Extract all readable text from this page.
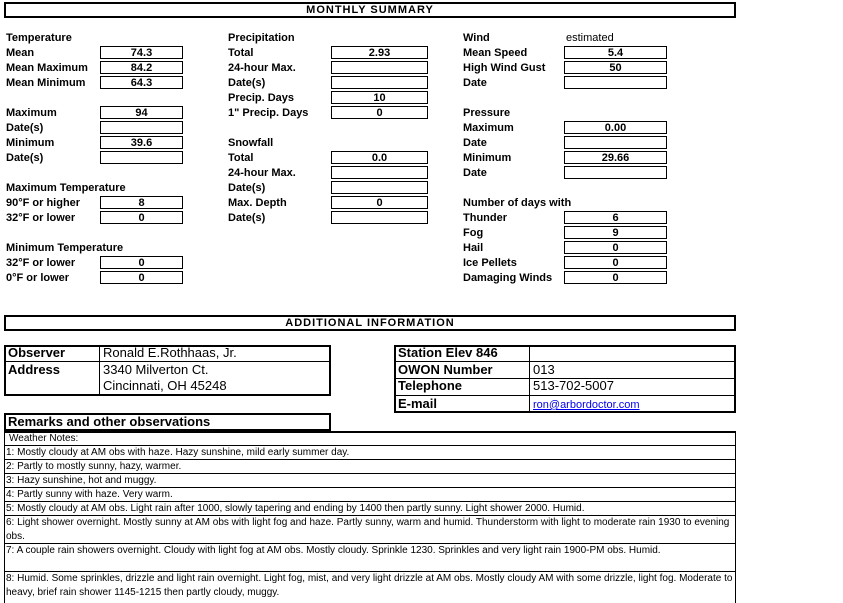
MONTHLY SUMMARY
Temperature
Mean	74.3
Mean Maximum	84.2
Mean Minimum	64.3
Maximum	94
Date(s)
Minimum	39.6
Date(s)
Maximum Temperature
90°F or higher	8
32°F or lower	0
Minimum Temperature
32°F or lower	0
0°F or lower	0
Precipitation
Total	2.93
24-hour Max.
Date(s)
Precip. Days	10
1" Precip. Days	0
Snowfall
Total	0.0
24-hour Max.
Date(s)
Max. Depth	0
Date(s)
Wind	estimated
Mean Speed	5.4
High Wind Gust	50
Date
Pressure
Maximum	0.00
Date
Minimum	29.66
Date
Number of days with
Thunder	6
Fog	9
Hail	0
Ice Pellets	0
Damaging Winds	0
ADDITIONAL INFORMATION
Observer	Ronald E.Rothhaas, Jr.
Address	3340 Milverton Ct.
Cincinnati, OH 45248
Station Elev 846
OWON Number	013
Telephone	513-702-5007
E-mail	ron@arbordoctor.com
Remarks and other observations
Weather Notes:
1: Mostly cloudy at AM obs with haze. Hazy sunshine, mild early summer day.
2: Partly to mostly sunny, hazy, warmer.
3: Hazy sunshine, hot and muggy.
4: Partly sunny with haze. Very warm.
5: Mostly cloudy at AM obs. Light rain after 1000, slowly tapering and ending by 1400 then partly sunny. Light shower 2000. Humid.
6: Light shower overnight. Mostly sunny at AM obs with light fog and haze. Partly sunny, warm and humid. Thunderstorm with light to moderate rain 1930 to evening obs.
7: A couple rain showers overnight. Cloudy with light fog at AM obs. Mostly cloudy. Sprinkle 1230. Sprinkles and very light rain 1900-PM obs. Humid.
8: Humid. Some sprinkles, drizzle and light rain overnight. Light fog, mist, and very light drizzle at AM obs. Mostly cloudy AM with some drizzle, light fog. Moderate to heavy, brief rain shower 1145-1215 then partly cloudy, muggy.
